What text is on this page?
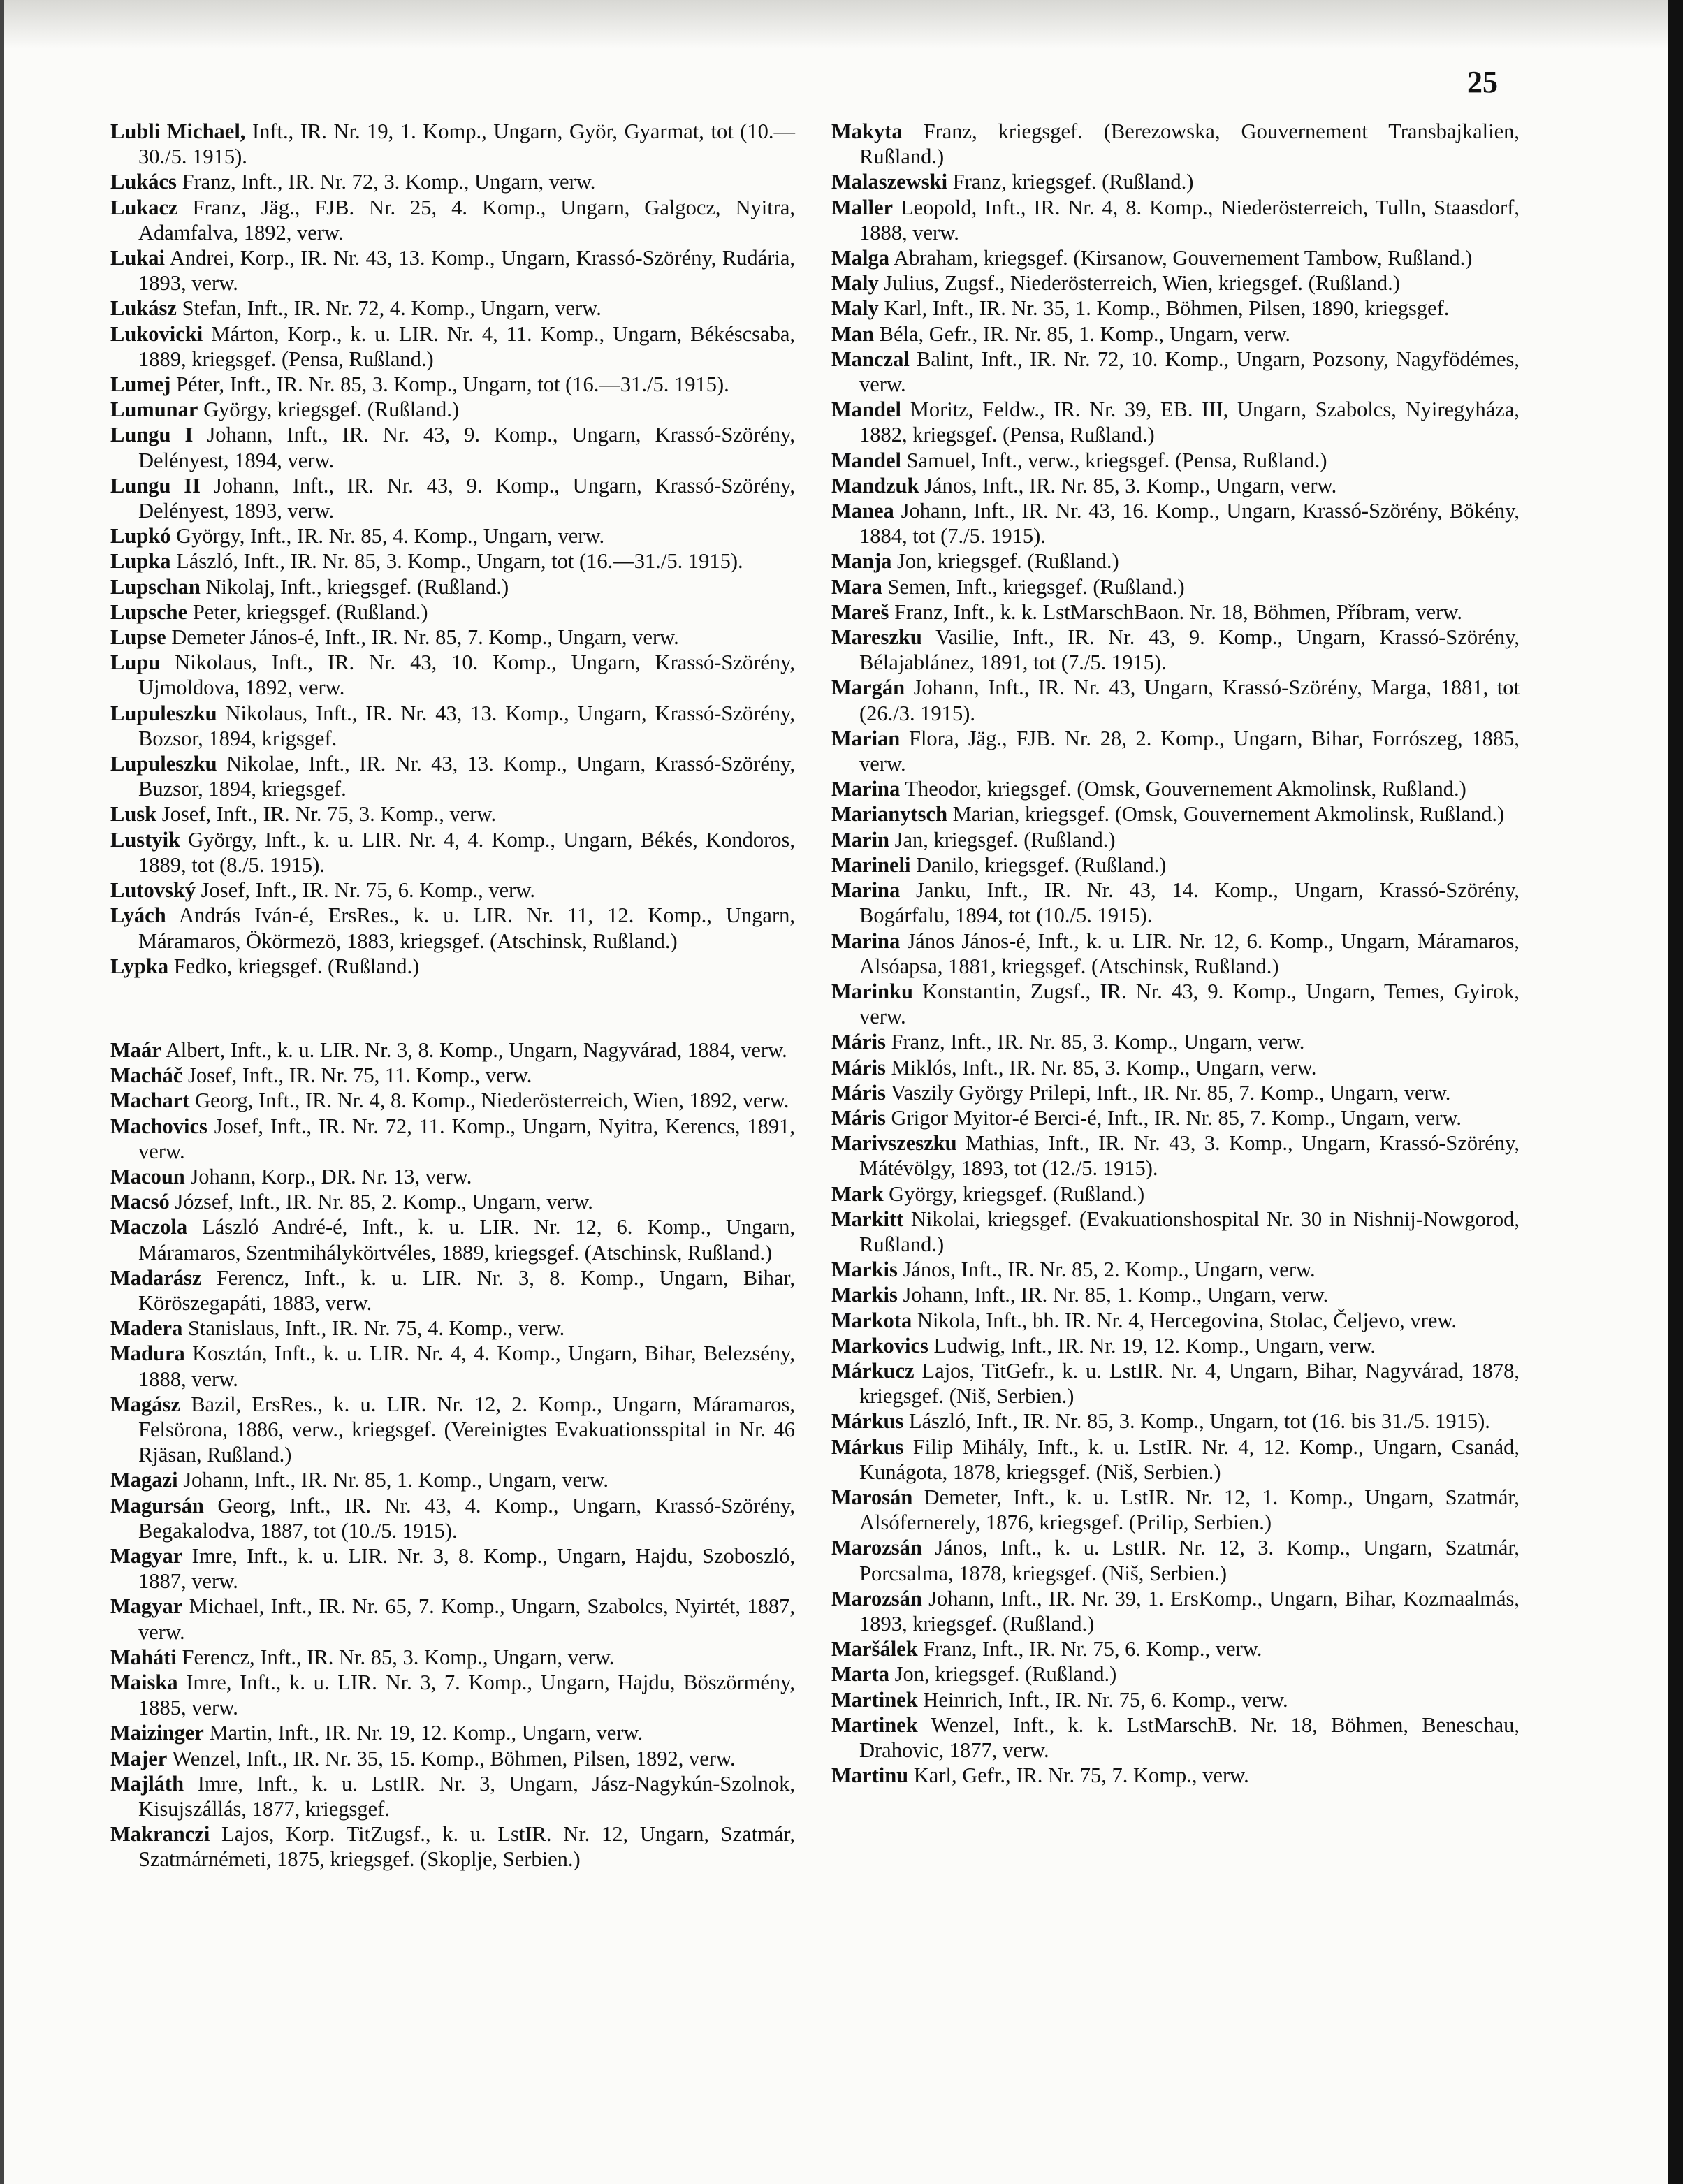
25
Lubli Michael, Inft., IR. Nr. 19, 1. Komp., Ungarn, Györ, Gyarmat, tot (10.—30./5. 1915).
Lukács Franz, Inft., IR. Nr. 72, 3. Komp., Ungarn, verw.
Lukacz Franz, Jäg., FJB. Nr. 25, 4. Komp., Ungarn, Galgocz, Nyitra, Adamfalva, 1892, verw.
Lukai Andrei, Korp., IR. Nr. 43, 13. Komp., Ungarn, Krassó-Szörény, Rudária, 1893, verw.
Lukász Stefan, Inft., IR. Nr. 72, 4. Komp., Ungarn, verw.
Lukovicki Márton, Korp., k. u. LIR. Nr. 4, 11. Komp., Ungarn, Békéscsaba, 1889, kriegsgef. (Pensa, Rußland.)
Lumej Péter, Inft., IR. Nr. 85, 3. Komp., Ungarn, tot (16.—31./5. 1915).
Lumunar György, kriegsgef. (Rußland.)
Lungu I Johann, Inft., IR. Nr. 43, 9. Komp., Ungarn, Krassó-Szörény, Delényest, 1894, verw.
Lungu II Johann, Inft., IR. Nr. 43, 9. Komp., Ungarn, Krassó-Szörény, Delényest, 1893, verw.
Lupkó György, Inft., IR. Nr. 85, 4. Komp., Ungarn, verw.
Lupka László, Inft., IR. Nr. 85, 3. Komp., Ungarn, tot (16.—31./5. 1915).
Lupschan Nikolaj, Inft., kriegsgef. (Rußland.)
Lupsche Peter, kriegsgef. (Rußland.)
Lupse Demeter János-é, Inft., IR. Nr. 85, 7. Komp., Ungarn, verw.
Lupu Nikolaus, Inft., IR. Nr. 43, 10. Komp., Ungarn, Krassó-Szörény, Ujmoldova, 1892, verw.
Lupuleszku Nikolaus, Inft., IR. Nr. 43, 13. Komp., Ungarn, Krassó-Szörény, Bozsor, 1894, krigsgef.
Lupuleszku Nikolae, Inft., IR. Nr. 43, 13. Komp., Ungarn, Krassó-Szörény, Buzsor, 1894, kriegsgef.
Lusk Josef, Inft., IR. Nr. 75, 3. Komp., verw.
Lustyik György, Inft., k. u. LIR. Nr. 4, 4. Komp., Ungarn, Békés, Kondoros, 1889, tot (8./5. 1915).
Lutovský Josef, Inft., IR. Nr. 75, 6. Komp., verw.
Lyách András Iván-é, ErsRes., k. u. LIR. Nr. 11, 12. Komp., Ungarn, Máramaros, Ökörmezö, 1883, kriegsgef. (Atschinsk, Rußland.)
Lypka Fedko, kriegsgef. (Rußland.)
Maár Albert, Inft., k. u. LIR. Nr. 3, 8. Komp., Ungarn, Nagyvárad, 1884, verw.
Macháč Josef, Inft., IR. Nr. 75, 11. Komp., verw.
Machart Georg, Inft., IR. Nr. 4, 8. Komp., Niederösterreich, Wien, 1892, verw.
Machovics Josef, Inft., IR. Nr. 72, 11. Komp., Ungarn, Nyitra, Kerencs, 1891, verw.
Macoun Johann, Korp., DR. Nr. 13, verw.
Macsó József, Inft., IR. Nr. 85, 2. Komp., Ungarn, verw.
Maczola László André-é, Inft., k. u. LIR. Nr. 12, 6. Komp., Ungarn, Máramaros, Szentmihálykörtvéles, 1889, kriegsgef. (Atschinsk, Rußland.)
Madarász Ferencz, Inft., k. u. LIR. Nr. 3, 8. Komp., Ungarn, Bihar, Köröszegapáti, 1883, verw.
Madera Stanislaus, Inft., IR. Nr. 75, 4. Komp., verw.
Madura Kosztán, Inft., k. u. LIR. Nr. 4, 4. Komp., Ungarn, Bihar, Belezsény, 1888, verw.
Magász Bazil, ErsRes., k. u. LIR. Nr. 12, 2. Komp., Ungarn, Máramaros, Felsörona, 1886, verw., kriegsgef. (Vereinigtes Evakuationsspital in Nr. 46 Rjäsan, Rußland.)
Magazi Johann, Inft., IR. Nr. 85, 1. Komp., Ungarn, verw.
Magursán Georg, Inft., IR. Nr. 43, 4. Komp., Ungarn, Krassó-Szörény, Begakalodva, 1887, tot (10./5. 1915).
Magyar Imre, Inft., k. u. LIR. Nr. 3, 8. Komp., Ungarn, Hajdu, Szoboszló, 1887, verw.
Magyar Michael, Inft., IR. Nr. 65, 7. Komp., Ungarn, Szabolcs, Nyirtét, 1887, verw.
Maháti Ferencz, Inft., IR. Nr. 85, 3. Komp., Ungarn, verw.
Maiska Imre, Inft., k. u. LIR. Nr. 3, 7. Komp., Ungarn, Hajdu, Böszörmény, 1885, verw.
Maizinger Martin, Inft., IR. Nr. 19, 12. Komp., Ungarn, verw.
Majer Wenzel, Inft., IR. Nr. 35, 15. Komp., Böhmen, Pilsen, 1892, verw.
Majláth Imre, Inft., k. u. LstIR. Nr. 3, Ungarn, Jász-Nagykún-Szolnok, Kisujszállás, 1877, kriegsgef.
Makranczi Lajos, Korp. TitZugsf., k. u. LstIR. Nr. 12, Ungarn, Szatmár, Szatmárnémeti, 1875, kriegsgef. (Skoplje, Serbien.)
Makyta Franz, kriegsgef. (Berezowska, Gouvernement Transbajkalien, Rußland.)
Malaszewski Franz, kriegsgef. (Rußland.)
Maller Leopold, Inft., IR. Nr. 4, 8. Komp., Niederösterreich, Tulln, Staasdorf, 1888, verw.
Malga Abraham, kriegsgef. (Kirsanow, Gouvernement Tambow, Rußland.)
Maly Julius, Zugsf., Niederösterreich, Wien, kriegsgef. (Rußland.)
Maly Karl, Inft., IR. Nr. 35, 1. Komp., Böhmen, Pilsen, 1890, kriegsgef.
Man Béla, Gefr., IR. Nr. 85, 1. Komp., Ungarn, verw.
Manczal Balint, Inft., IR. Nr. 72, 10. Komp., Ungarn, Pozsony, Nagyfödémes, verw.
Mandel Moritz, Feldw., IR. Nr. 39, EB. III, Ungarn, Szabolcs, Nyiregyháza, 1882, kriegsgef. (Pensa, Rußland.)
Mandel Samuel, Inft., verw., kriegsgef. (Pensa, Rußland.)
Mandzuk János, Inft., IR. Nr. 85, 3. Komp., Ungarn, verw.
Manea Johann, Inft., IR. Nr. 43, 16. Komp., Ungarn, Krassó-Szörény, Bökény, 1884, tot (7./5. 1915).
Manja Jon, kriegsgef. (Rußland.)
Mara Semen, Inft., kriegsgef. (Rußland.)
Mareš Franz, Inft., k. k. LstMarschBaon. Nr. 18, Böhmen, Příbram, verw.
Mareszku Vasilie, Inft., IR. Nr. 43, 9. Komp., Ungarn, Krassó-Szörény, Bélajablánez, 1891, tot (7./5. 1915).
Margán Johann, Inft., IR. Nr. 43, Ungarn, Krassó-Szörény, Marga, 1881, tot (26./3. 1915).
Marian Flora, Jäg., FJB. Nr. 28, 2. Komp., Ungarn, Bihar, Forrószeg, 1885, verw.
Marina Theodor, kriegsgef. (Omsk, Gouvernement Akmolinsk, Rußland.)
Marianytsch Marian, kriegsgef. (Omsk, Gouvernement Akmolinsk, Rußland.)
Marin Jan, kriegsgef. (Rußland.)
Marineli Danilo, kriegsgef. (Rußland.)
Marina Janku, Inft., IR. Nr. 43, 14. Komp., Ungarn, Krassó-Szörény, Bogárfalu, 1894, tot (10./5. 1915).
Marina János János-é, Inft., k. u. LIR. Nr. 12, 6. Komp., Ungarn, Máramaros, Alsóapsa, 1881, kriegsgef. (Atschinsk, Rußland.)
Marinku Konstantin, Zugsf., IR. Nr. 43, 9. Komp., Ungarn, Temes, Gyirok, verw.
Máris Franz, Inft., IR. Nr. 85, 3. Komp., Ungarn, verw.
Máris Miklós, Inft., IR. Nr. 85, 3. Komp., Ungarn, verw.
Máris Vaszily György Prilepi, Inft., IR. Nr. 85, 7. Komp., Ungarn, verw.
Máris Grigor Myitor-é Berci-é, Inft., IR. Nr. 85, 7. Komp., Ungarn, verw.
Marivszeszku Mathias, Inft., IR. Nr. 43, 3. Komp., Ungarn, Krassó-Szörény, Mátévölgy, 1893, tot (12./5. 1915).
Mark György, kriegsgef. (Rußland.)
Markitt Nikolai, kriegsgef. (Evakuationshospital Nr. 30 in Nishnij-Nowgorod, Rußland.)
Markis János, Inft., IR. Nr. 85, 2. Komp., Ungarn, verw.
Markis Johann, Inft., IR. Nr. 85, 1. Komp., Ungarn, verw.
Markota Nikola, Inft., bh. IR. Nr. 4, Hercegovina, Stolac, Čeljevo, vrew.
Markovics Ludwig, Inft., IR. Nr. 19, 12. Komp., Ungarn, verw.
Márkucz Lajos, TitGefr., k. u. LstIR. Nr. 4, Ungarn, Bihar, Nagyvárad, 1878, kriegsgef. (Niš, Serbien.)
Márkus László, Inft., IR. Nr. 85, 3. Komp., Ungarn, tot (16. bis 31./5. 1915).
Márkus Filip Mihály, Inft., k. u. LstIR. Nr. 4, 12. Komp., Ungarn, Csanád, Kunágota, 1878, kriegsgef. (Niš, Serbien.)
Marosán Demeter, Inft., k. u. LstIR. Nr. 12, 1. Komp., Ungarn, Szatmár, Alsófernerely, 1876, kriegsgef. (Prilip, Serbien.)
Marozsán János, Inft., k. u. LstIR. Nr. 12, 3. Komp., Ungarn, Szatmár, Porcsalma, 1878, kriegsgef. (Niš, Serbien.)
Marozsán Johann, Inft., IR. Nr. 39, 1. ErsKomp., Ungarn, Bihar, Kozmaalmás, 1893, kriegsgef. (Rußland.)
Maršálek Franz, Inft., IR. Nr. 75, 6. Komp., verw.
Marta Jon, kriegsgef. (Rußland.)
Martinek Heinrich, Inft., IR. Nr. 75, 6. Komp., verw.
Martinek Wenzel, Inft., k. k. LstMarschB. Nr. 18, Böhmen, Beneschau, Drahovic, 1877, verw.
Martinu Karl, Gefr., IR. Nr. 75, 7. Komp., verw.
